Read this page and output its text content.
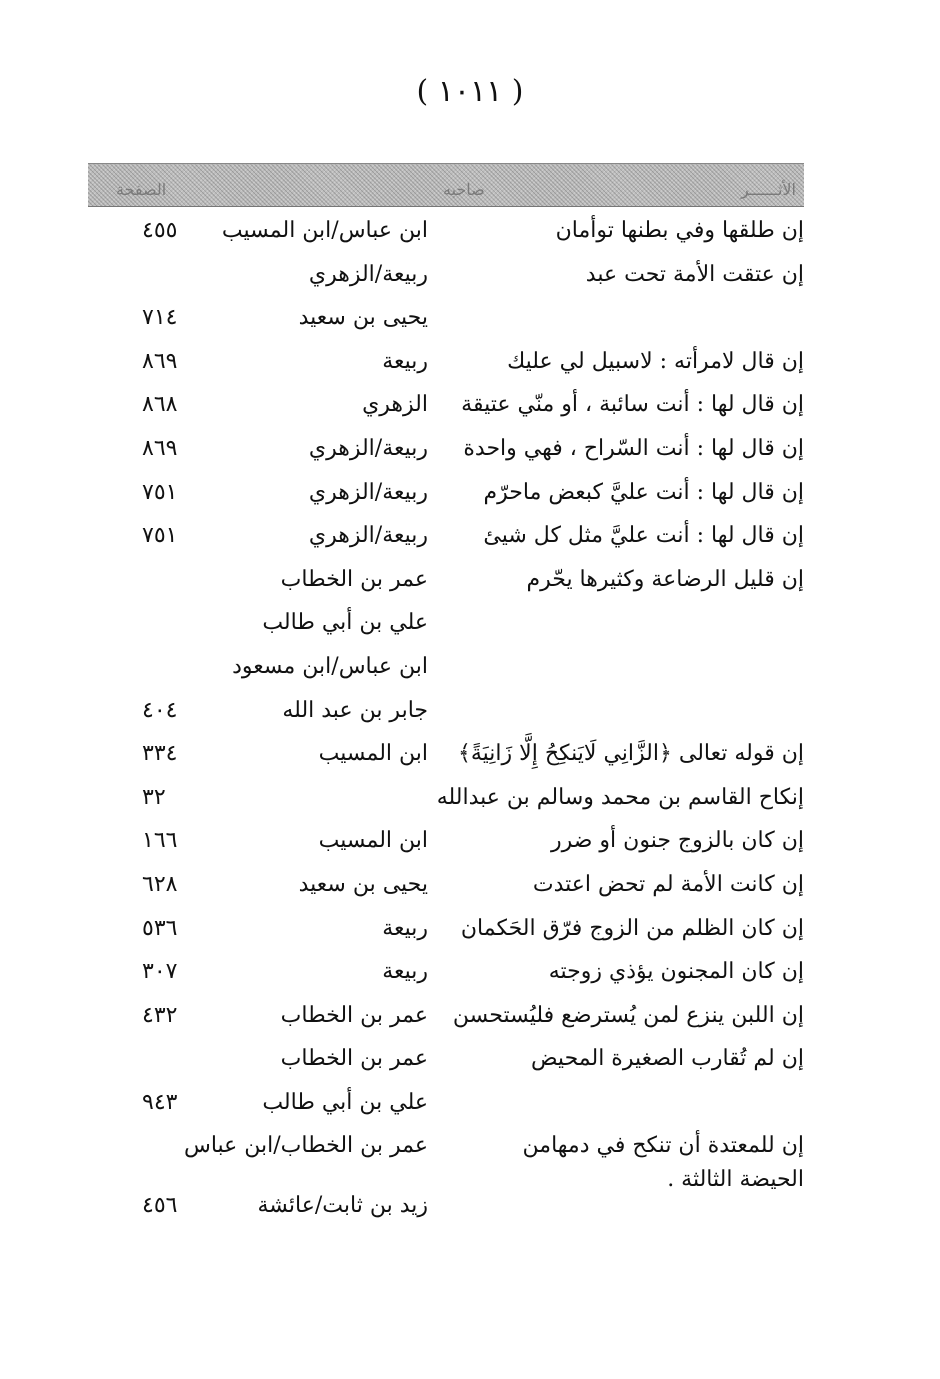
( ١٠١١ )
الأثــــــر
صاحبه
الصفحة
إن طلقها وفي بطنها توأمان
ابن عباس/ابن المسيب
٤٥٥
إن عتقت الأمة تحت عبد
ربيعة/الزهري
يحيى بن سعيد
٧١٤
إن قال لامرأته : لاسبيل لي عليك
ربيعة
٨٦٩
إن قال لها : أنت سائبة ، أو منّي عتيقة
الزهري
٨٦٨
إن قال لها : أنت السّراح ، فهي واحدة
ربيعة/الزهري
٨٦٩
إن قال لها : أنت عليَّ كبعض ماحرّم
ربيعة/الزهري
٧٥١
إن قال لها : أنت عليَّ مثل كل شيئ
ربيعة/الزهري
٧٥١
إن قليل الرضاعة وكثيرها يحّرم
عمر بن الخطاب
علي بن أبي طالب
ابن عباس/ابن مسعود
جابر بن عبد الله
٤٠٤
إن قوله تعالى ﴿الزَّانِي لَايَنكِحُ إِلَّا زَانِيَةً﴾
ابن المسيب
٣٣٤
إنكاح القاسم بن محمد وسالم بن عبدالله
٣٢
إن كان بالزوج جنون أو ضرر
ابن المسيب
١٦٦
إن كانت الأمة لم تحض اعتدت
يحيى بن سعيد
٦٢٨
إن كان الظلم من الزوج فرّق الحَكمان
ربيعة
٥٣٦
إن كان المجنون يؤذي زوجته
ربيعة
٣٠٧
إن اللبن ينزع لمن يُسترضع فليُستحسن
عمر بن الخطاب
٤٣٢
إن لم تُقارب الصغيرة المحيض
عمر بن الخطاب
علي بن أبي طالب
٩٤٣
إن للمعتدة أن تنكح في دمهامن الحيضة الثالثة .
عمر بن الخطاب/ابن عباس
زيد بن ثابت/عائشة
٤٥٦
